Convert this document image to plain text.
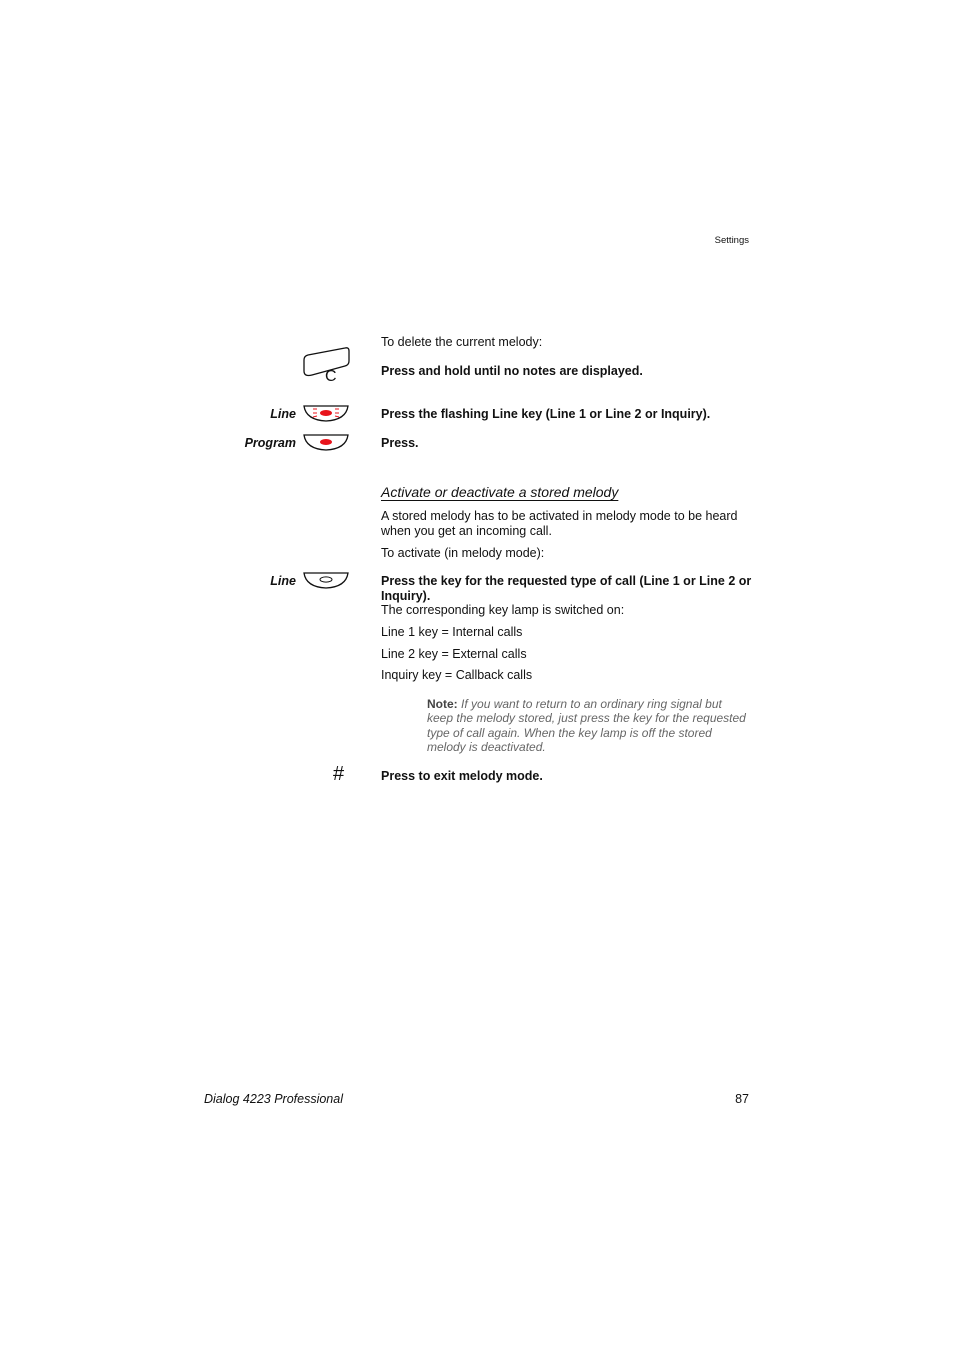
Settings
To delete the current melody:
C	Press and hold until no notes are displayed.
Line	Press the flashing Line key (Line 1 or Line 2 or Inquiry).
Program	Press.
Activate or deactivate a stored melody
A stored melody has to be activated in melody mode to be heard when you get an incoming call.
To activate (in melody mode):
Line	Press the key for the requested type of call (Line 1 or Line 2 or Inquiry).
The corresponding key lamp is switched on:
Line 1 key = Internal calls
Line 2 key = External calls
Inquiry key = Callback calls
Note: If you want to return to an ordinary ring signal but keep the melody stored, just press the key for the requested type of call again. When the key lamp is off the stored melody is deactivated.
#	Press to exit melody mode.
Dialog 4223 Professional	87
